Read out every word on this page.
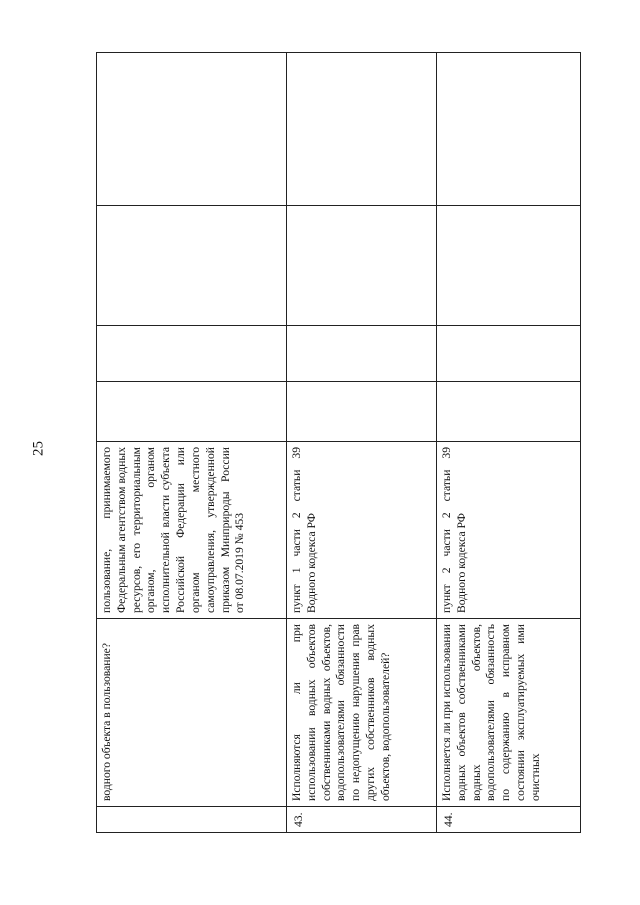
25
	водного объекта в пользование?	пользование, принимаемого Федеральным агентством водных ресурсов, его территориальным органом, органом исполнительной власти субъекта Российской Федерации или органом местного самоуправления, утвержденной приказом Минприроды России от 08.07.2019 № 453				
43.	Исполняются ли при использовании водных объектов собственниками водных объектов, водопользователями обязанности по недопущению нарушения прав других собственников водных объектов, водопользователей?	пункт 1 части 2 статьи 39 Водного кодекса РФ				
44.	Исполняется ли при использовании водных объектов собственниками водных объектов, водопользователями обязанность по содержанию в исправном состоянии эксплуатируемых ими очистных	пункт 2 части 2 статьи 39 Водного кодекса РФ				
